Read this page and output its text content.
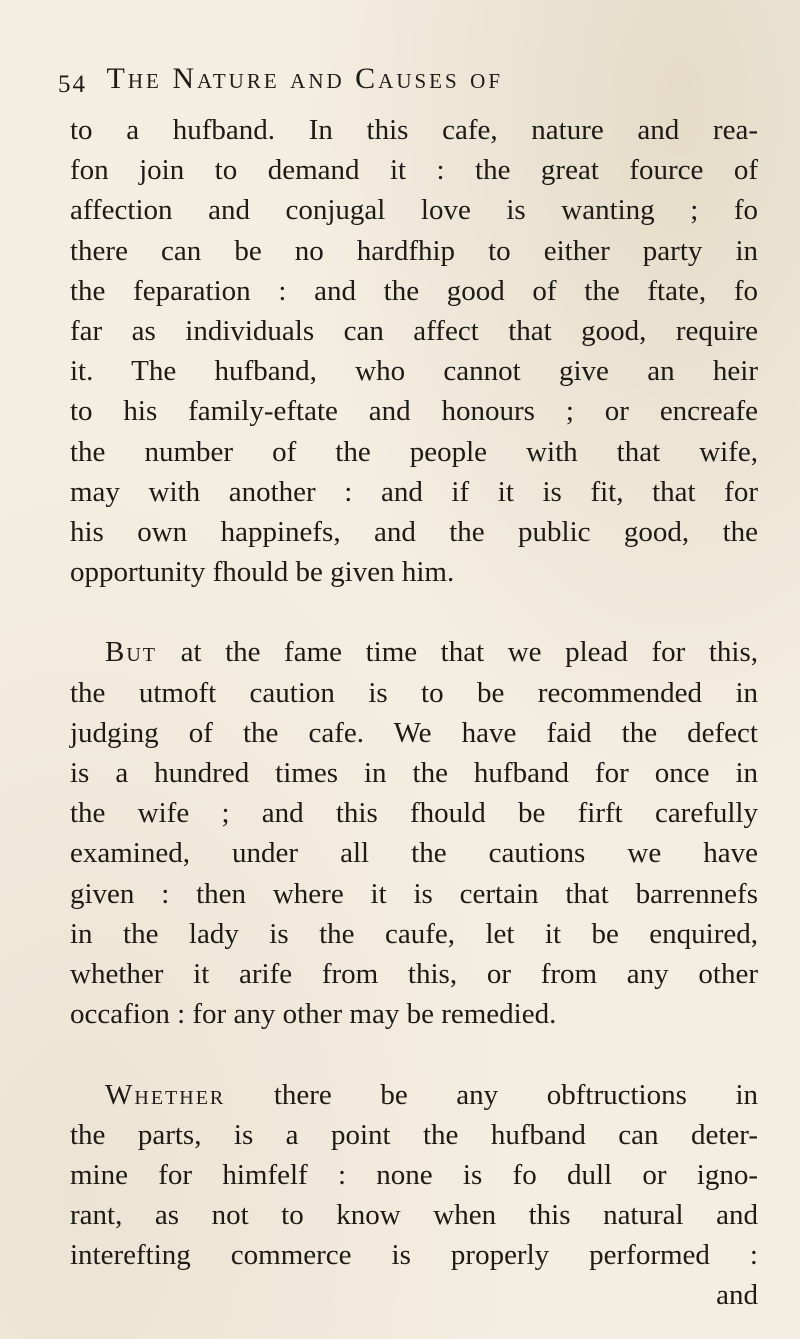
54 The Nature and Causes of
to a hufband. In this cafe, nature and rea-
fon join to demand it : the great fource of
affection and conjugal love is wanting ; fo
there can be no hardfhip to either party in
the feparation : and the good of the ftate, fo
far as individuals can affect that good, require
it. The hufband, who cannot give an heir
to his family-eftate and honours ; or encreafe
the number of the people with that wife,
may with another : and if it is fit, that for
his own happinefs, and the public good, the
opportunity fhould be given him.
But at the fame time that we plead for this,
the utmoft caution is to be recommended in
judging of the cafe. We have faid the defect
is a hundred times in the hufband for once in
the wife ; and this fhould be firft carefully
examined, under all the cautions we have
given : then where it is certain that barrennefs
in the lady is the caufe, let it be enquired,
whether it arife from this, or from any other
occafion : for any other may be remedied.
Whether there be any obftructions in
the parts, is a point the hufband can deter-
mine for himfelf : none is fo dull or igno-
rant, as not to know when this natural and
interefting commerce is properly performed :
and
